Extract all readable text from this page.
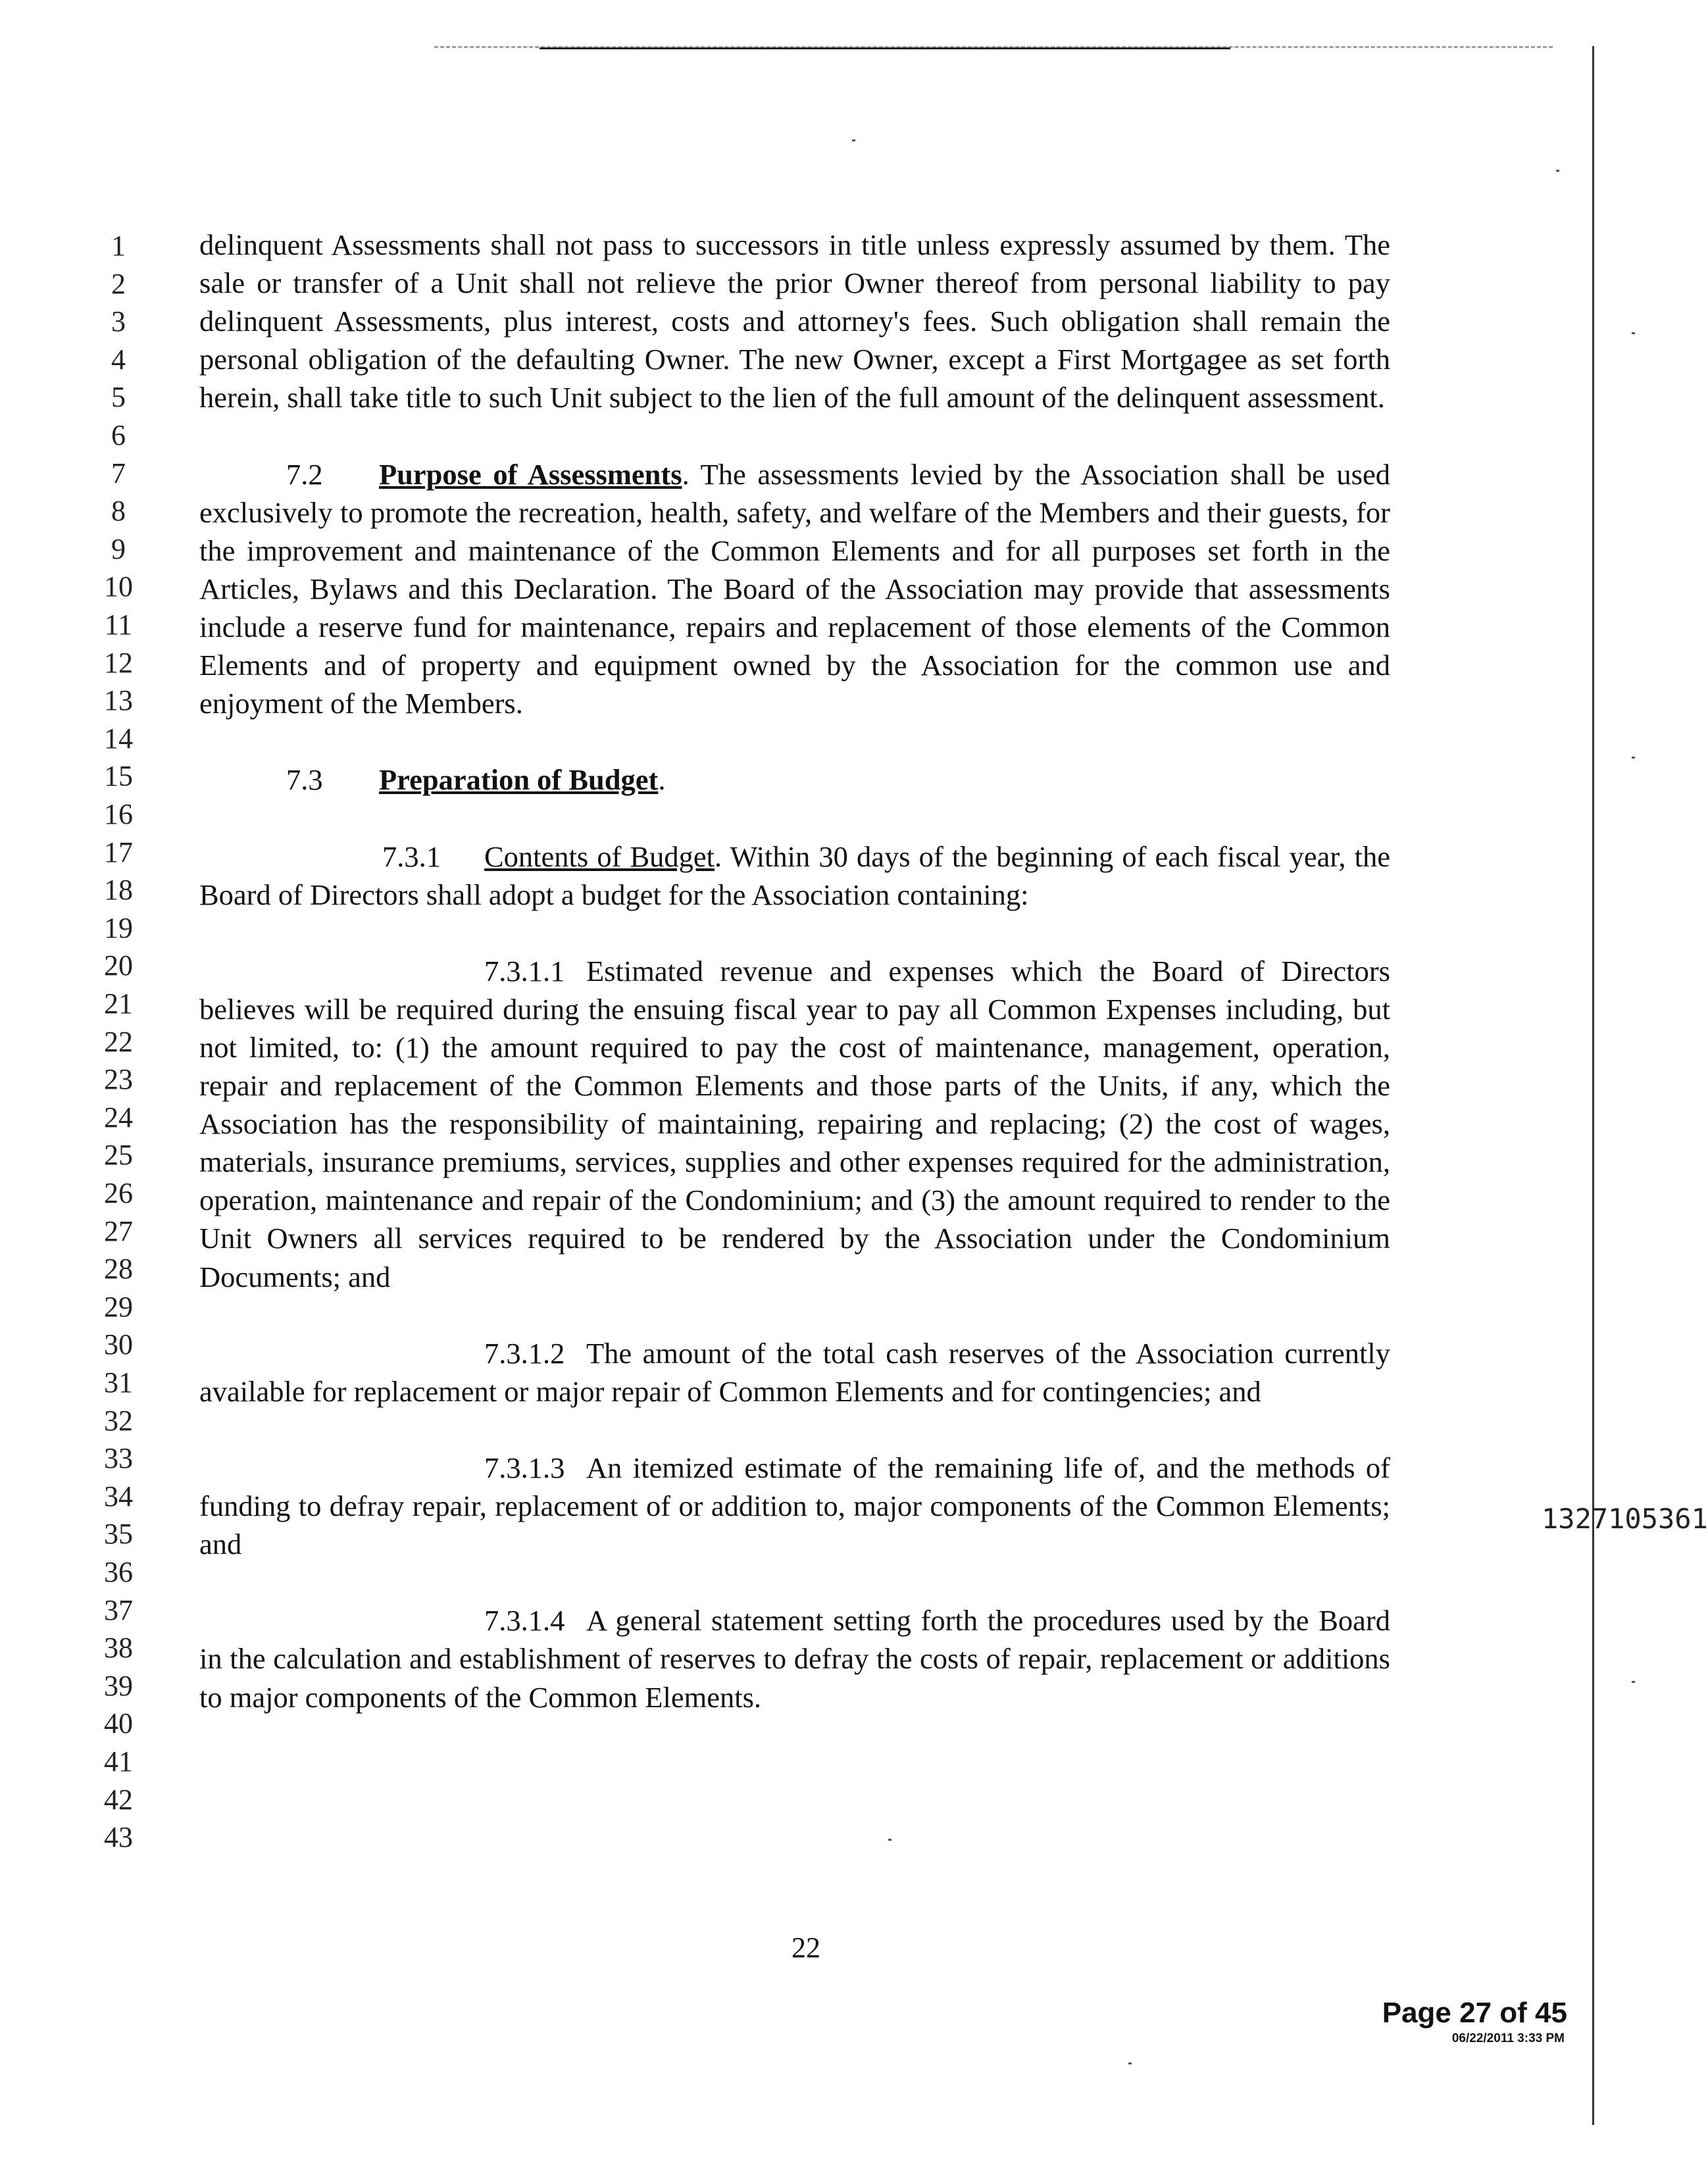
1
2
3
4
5
6
7
8
9
10
11
12
13
14
15
16
17
18
19
20
21
22
23
24
25
26
27
28
29
30
31
32
33
34
35
36
37
38
39
40
41
42
43

delinquent Assessments shall not pass to successors in title unless expressly assumed by them. The sale or transfer of a Unit shall not relieve the prior Owner thereof from personal liability to pay delinquent Assessments, plus interest, costs and attorney's fees. Such obligation shall remain the personal obligation of the defaulting Owner. The new Owner, except a First Mortgagee as set forth herein, shall take title to such Unit subject to the lien of the full amount of the delinquent assessment.

7.2 Purpose of Assessments. The assessments levied by the Association shall be used exclusively to promote the recreation, health, safety, and welfare of the Members and their guests, for the improvement and maintenance of the Common Elements and for all purposes set forth in the Articles, Bylaws and this Declaration. The Board of the Association may provide that assessments include a reserve fund for maintenance, repairs and replacement of those elements of the Common Elements and of property and equipment owned by the Association for the common use and enjoyment of the Members.

7.3 Preparation of Budget.

7.3.1 Contents of Budget. Within 30 days of the beginning of each fiscal year, the Board of Directors shall adopt a budget for the Association containing:

7.3.1.1 Estimated revenue and expenses which the Board of Directors believes will be required during the ensuing fiscal year to pay all Common Expenses including, but not limited, to: (1) the amount required to pay the cost of maintenance, management, operation, repair and replacement of the Common Elements and those parts of the Units, if any, which the Association has the responsibility of maintaining, repairing and replacing; (2) the cost of wages, materials, insurance premiums, services, supplies and other expenses required for the administration, operation, maintenance and repair of the Condominium; and (3) the amount required to render to the Unit Owners all services required to be rendered by the Association under the Condominium Documents; and

7.3.1.2 The amount of the total cash reserves of the Association currently available for replacement or major repair of Common Elements and for contingencies; and

7.3.1.3 An itemized estimate of the remaining life of, and the methods of funding to defray repair, replacement of or addition to, major components of the Common Elements; and

7.3.1.4 A general statement setting forth the procedures used by the Board in the calculation and establishment of reserves to defray the costs of repair, replacement or additions to major components of the Common Elements.

22
1327105361
Page 27 of 45
06/22/2011 3:33 PM
